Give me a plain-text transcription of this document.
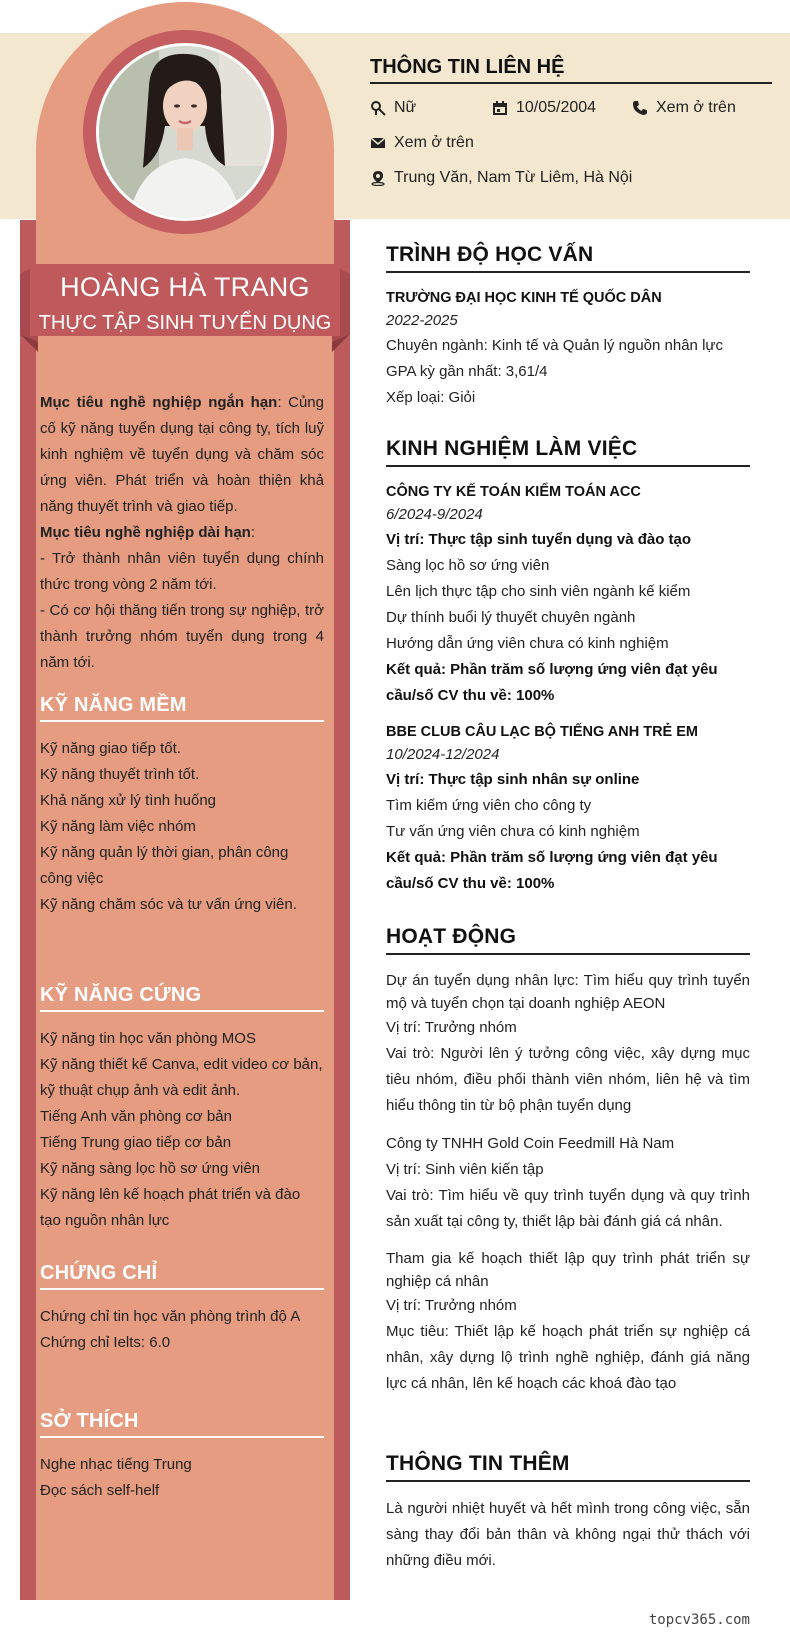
HOÀNG HÀ TRANG
THỰC TẬP SINH TUYỂN DỤNG

Mục tiêu nghề nghiệp ngắn hạn: Củng cố kỹ năng tuyển dụng tại công ty, tích luỹ kinh nghiệm về tuyển dụng và chăm sóc ứng viên. Phát triển và hoàn thiện khả năng thuyết trình và giao tiếp.

Mục tiêu nghề nghiệp dài hạn:

- Trở thành nhân viên tuyển dụng chính thức trong vòng 2 năm tới.

- Có cơ hội thăng tiến trong sự nghiệp, trở thành trưởng nhóm tuyển dụng trong 4 năm tới.

KỸ NĂNG MỀM
Kỹ năng giao tiếp tốt.
Kỹ năng thuyết trình tốt.
Khả năng xử lý tình huống
Kỹ năng làm việc nhóm
Kỹ năng quản lý thời gian, phân công công việc
Kỹ năng chăm sóc và tư vấn ứng viên.
KỸ NĂNG CỨNG
Kỹ năng tin học văn phòng MOS
Kỹ năng thiết kế Canva, edit video cơ bản, kỹ thuật chụp ảnh và edit ảnh.
Tiếng Anh văn phòng cơ bản
Tiếng Trung giao tiếp cơ bản
Kỹ năng sàng lọc hồ sơ ứng viên
Kỹ năng lên kế hoạch phát triển và đào tạo nguồn nhân lực
CHỨNG CHỈ
Chứng chỉ tin học văn phòng trình độ A
Chứng chỉ Ielts: 6.0
SỞ THÍCH
Nghe nhạc tiếng Trung
Đọc sách self-helf
THÔNG TIN LIÊN HỆ
Nữ	10/05/2004	Xem ở trên
Xem ở trên
Trung Văn, Nam Từ Liêm, Hà Nội
TRÌNH ĐỘ HỌC VẤN
TRƯỜNG ĐẠI HỌC KINH TẾ QUỐC DÂN
2022-2025
Chuyên ngành: Kinh tế và Quản lý nguồn nhân lực
GPA kỳ gần nhất: 3,61/4
Xếp loại: Giỏi
KINH NGHIỆM LÀM VIỆC
CÔNG TY KẾ TOÁN KIỂM TOÁN ACC
6/2024-9/2024
Vị trí: Thực tập sinh tuyển dụng và đào tạo
Sàng lọc hồ sơ ứng viên
Lên lịch thực tập cho sinh viên ngành kế kiểm
Dự thính buổi lý thuyết chuyên ngành
Hướng dẫn ứng viên chưa có kinh nghiệm
Kết quả: Phần trăm số lượng ứng viên đạt yêu cầu/số CV thu về: 100%
BBE CLUB CÂU LẠC BỘ TIẾNG ANH TRẺ EM
10/2024-12/2024
Vị trí: Thực tập sinh nhân sự online
Tìm kiếm ứng viên cho công ty
Tư vấn ứng viên chưa có kinh nghiệm
Kết quả: Phần trăm số lượng ứng viên đạt yêu cầu/số CV thu về: 100%
HOẠT ĐỘNG
Dự án tuyển dụng nhân lực: Tìm hiểu quy trình tuyển mộ và tuyển chọn tại doanh nghiệp AEON
Vị trí: Trưởng nhóm
Vai trò: Người lên ý tưởng công việc, xây dựng mục tiêu nhóm, điều phối thành viên nhóm, liên hệ và tìm hiểu thông tin từ bộ phận tuyển dụng
Công ty TNHH Gold Coin Feedmill Hà Nam
Vị trí: Sinh viên kiến tập
Vai trò: Tìm hiểu về quy trình tuyển dụng và quy trình sản xuất tại công ty, thiết lập bài đánh giá cá nhân.
Tham gia kế hoạch thiết lập quy trình phát triển sự nghiệp cá nhân
Vị trí: Trưởng nhóm
Mục tiêu: Thiết lập kế hoạch phát triển sự nghiệp cá nhân, xây dựng lộ trình nghề nghiệp, đánh giá năng lực cá nhân, lên kế hoạch các khoá đào tạo
THÔNG TIN THÊM
Là người nhiệt huyết và hết mình trong công việc, sẵn sàng thay đổi bản thân và không ngại thử thách với những điều mới.
topcv365.com
